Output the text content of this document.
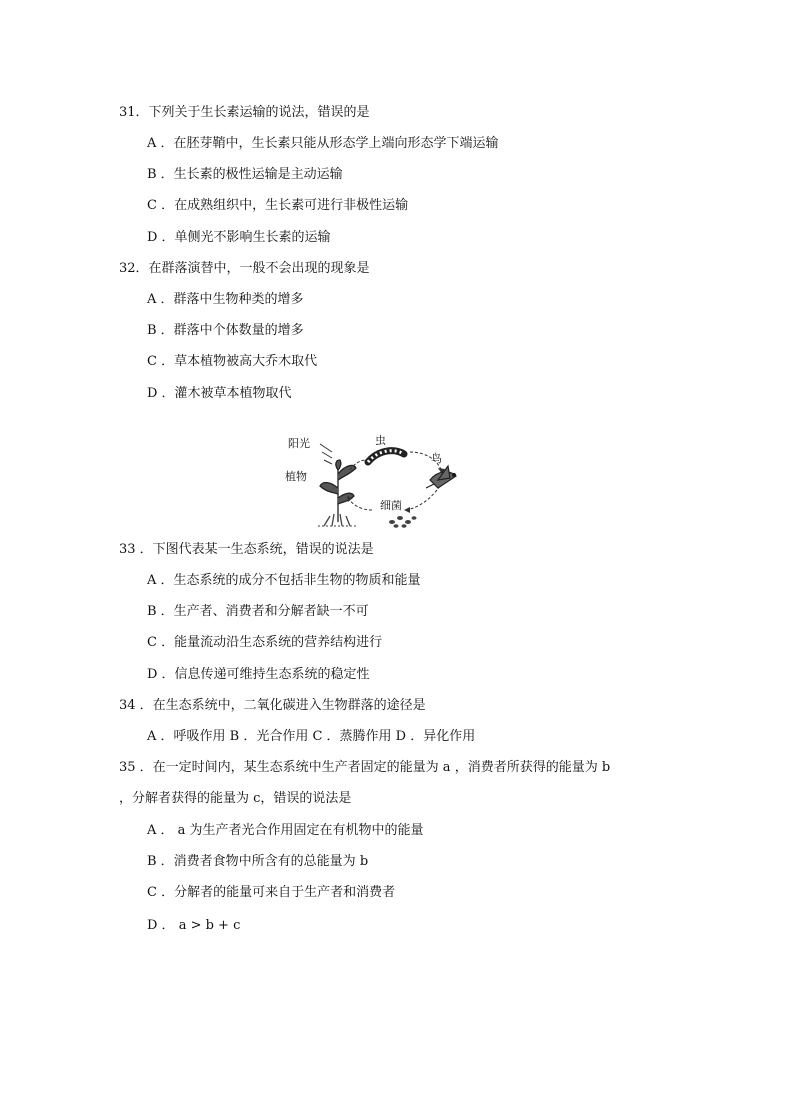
31．下列关于生长素运输的说法，错误的是
A ．在胚芽鞘中，生长素只能从形态学上端向形态学下端运输
B ．生长素的极性运输是主动运输
C ．在成熟组织中，生长素可进行非极性运输
D ．单侧光不影响生长素的运输
32．在群落演替中，一般不会出现的现象是
A ．群落中生物种类的增多
B ．群落中个体数量的增多
C ．草本植物被高大乔木取代
D ．灌木被草本植物取代
阳光
植物
虫
鸟
细菌
33 ．下图代表某一生态系统，错误的说法是
A ．生态系统的成分不包括非生物的物质和能量
B ．生产者、消费者和分解者缺一不可
C ．能量流动沿生态系统的营养结构进行
D ．信息传递可维持生态系统的稳定性
34 ．在生态系统中，二氧化碳进入生物群落的途径是
A ．呼吸作用 B ．光合作用 C ．蒸腾作用 D ．异化作用
35 ．在一定时间内，某生态系统中生产者固定的能量为 a ，消费者所获得的能量为 b
，分解者获得的能量为 c，错误的说法是
A ． a 为生产者光合作用固定在有机物中的能量
B ．消费者食物中所含有的总能量为 b
C ．分解者的能量可来自于生产者和消费者
D ． a > b + c
